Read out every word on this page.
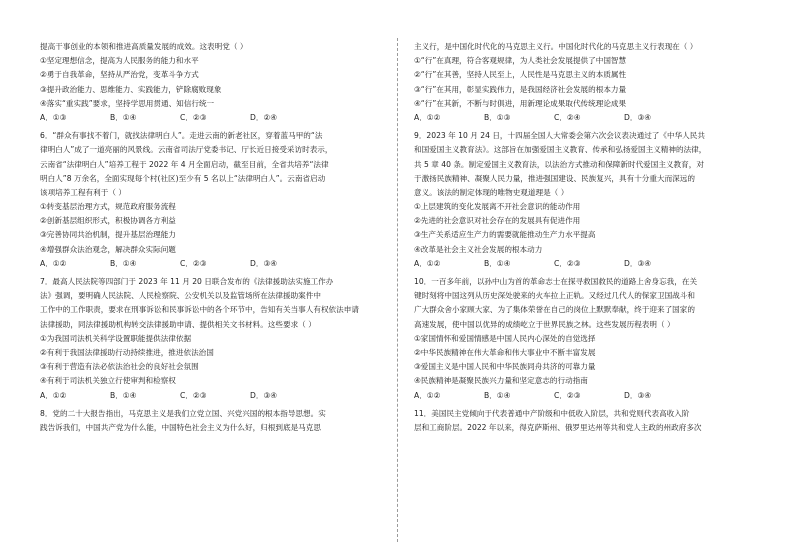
提高干事创业的本领和推进高质量发展的成效。这表明党（ ）
①坚定理想信念，提高为人民服务的能力和水平
②勇于自我革命，坚持从严治党，变革斗争方式
③提升政治能力、思维能力、实践能力，铲除腐败现象
④落实“重实践”要求，坚持学思用贯通、知信行统一
A．①③	B．①④	C．②③	D．②④
6．“群众有事找不着门，就找法律明白人”。走进云南的新老社区，穿着蓝马甲的“法
律明白人”成了一道亮丽的风景线。云南省司法厅党委书记、厅长近日接受采访时表示，
云南省“法律明白人”培养工程于 2022 年 4 月全面启动，截至目前，全省共培养“法律
明白人”8 万余名，全面实现每个村(社区)至少有 5 名以上“法律明白人”。云南省启动
该项培养工程有利于（ ）
①转变基层治理方式，规范政府服务流程
②创新基层组织形式，积极协调各方利益
③完善协同共治机制，提升基层治理能力
④增强群众法治观念，解决群众实际问题
A．①②	B．①④	C．②③	D．③④
7．最高人民法院等四部门于 2023 年 11 月 20 日联合发布的《法律援助法实施工作办
法》强调，要明确人民法院、人民检察院、公安机关以及监管场所在法律援助案件中
工作中的工作职责，要求在刑事诉讼和民事诉讼中的各个环节中，告知有关当事人有权依法申请
法律援助，同法律援助机构转交法律援助申请、提供相关文书材料。这些要求（ ）
①为我国司法机关科学设置职能提供法律依据
②有利于我国法律援助行动持续推进，推进依法治国
③有利于营造有法必依法治社会的良好社会氛围
④有利于司法机关独立行使审判和检察权
A．①②	B．①④	C．②③	D．③④
8．党的二十大报告指出，马克思主义是我们立党立国、兴党兴国的根本指导思想。实
践告诉我们，中国共产党为什么能，中国特色社会主义为什么好，归根到底是马克思
主义行，是中国化时代化的马克思主义行。中国化时代化的马克思主义行表现在（ ）
①“行”在真理，符合客观规律，为人类社会发展提供了中国智慧
②“行”在其善，坚持人民至上，人民性是马克思主义的本质属性
③“行”在其用，彰显实践伟力，是我国经济社会发展的根本力量
④“行”在其新，不断与时俱进，用新理论成果取代传统理论成果
A．①②	B．①③	C．②④	D．③④
9．2023 年 10 月 24 日，十四届全国人大常委会第六次会议表决通过了《中华人民共
和国爱国主义教育法》。这部旨在加强爱国主义教育、传承和弘扬爱国主义精神的法律，
共 5 章 40 条。制定爱国主义教育法，以法治方式推动和保障新时代爱国主义教育，对
于激扬民族精神、凝聚人民力量，推进强国建设、民族复兴，具有十分重大而深远的
意义。该法的制定体现的唯物史观道理是（ ）
①上层建筑的变化发展离不开社会意识的能动作用
②先进的社会意识对社会存在的发展具有促进作用
③生产关系适应生产力的需要就能推动生产力水平提高
④改革是社会主义社会发展的根本动力
A．①②	B．①④	C．②③	D．③④
10．一百多年前，以孙中山为首的革命志士在探寻救国救民的道路上舍身忘我，在关
键时刻将中国这列从历史深处驶来的火车拉上正轨。又经过几代人的保家卫国战斗和
广大群众舍小家顾大家、为了集体荣誉在自己的岗位上默默奉献，终于迎来了国家的
高速发展，使中国以优异的成绩屹立于世界民族之林。这些发展历程表明（ ）
①家国情怀和爱国情感是中国人民内心深处的自觉选择
②中华民族精神在伟大革命和伟大事业中不断丰富发展
③爱国主义是中国人民和中华民族同舟共济的可靠力量
④民族精神是凝聚民族兴力量和坚定意志的行动指南
A．①②	B．①④	C．②③	D．③④
11．美国民主党倾向于代表普通中产阶级和中低收入阶层，共和党则代表高收入阶
层和工商阶层。2022 年以来，得克萨斯州、俄罗里达州等共和党人主政的州政府多次
